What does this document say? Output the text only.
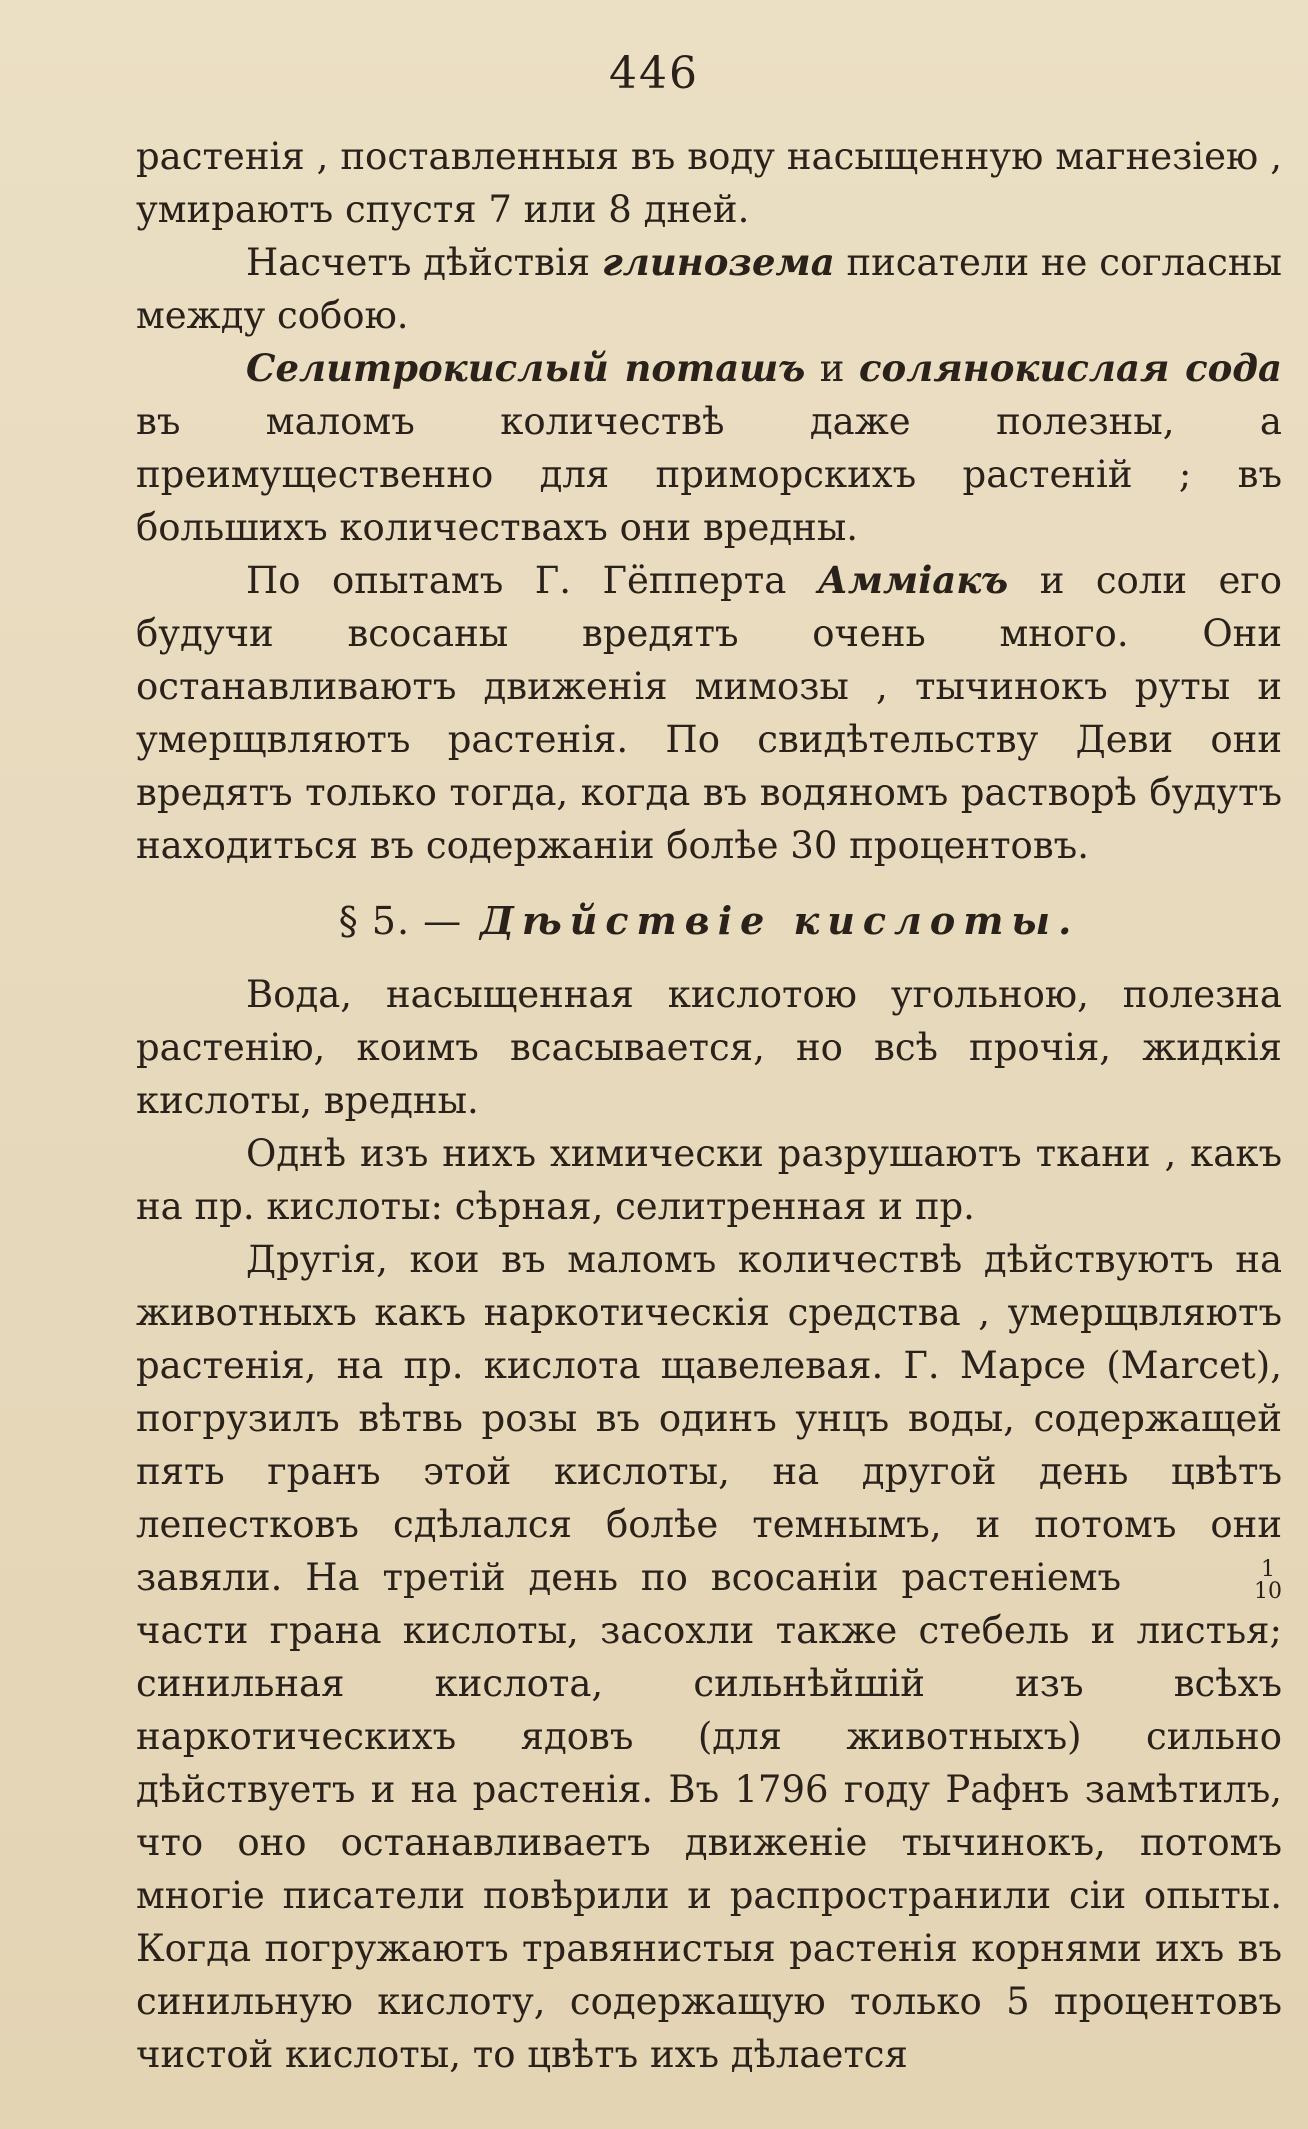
446

растенія , поставленныя въ воду насыщенную магнезіею , умираютъ спустя 7 или 8 дней.

Насчетъ дѣйствія глинозема писатели не согласны между собою.

Селитрокислый поташъ и солянокислая сода въ маломъ количествѣ даже полезны, а преимущественно для приморскихъ растеній ; въ большихъ количествахъ они вредны.

По опытамъ Г. Гёпперта Аммiакъ и соли его будучи всосаны вредятъ очень много. Они останавливаютъ движенія мимозы , тычинокъ руты и умерщвляютъ растенія. По свидѣтельству Деви они вредятъ только тогда, когда въ водяномъ растворѣ будутъ находиться въ содержаніи болѣе 30 процентовъ.

§ 5. — Дѣйствiе кислоты.

Вода, насыщенная кислотою угольною, полезна растенію, коимъ всасывается, но всѣ прочія, жидкія кислоты, вредны.

Однѣ изъ нихъ химически разрушаютъ ткани , какъ на пр. кислоты: сѣрная, селитренная и пр.

Другія, кои въ маломъ количествѣ дѣйствуютъ на животныхъ какъ наркотическія средства , умерщвляютъ растенія, на пр. кислота щавелевая. Г. Марсе (Marcet), погрузилъ вѣтвь розы въ одинъ унцъ воды, содержащей пять гранъ этой кислоты, на другой день цвѣтъ лепестковъ сдѣлался болѣе темнымъ, и потомъ они завяли. На третій день по всосаніи растеніемъ	1
10
части грана кислоты, засохли также стебель и листья; синильная кислота, сильнѣйшій изъ всѣхъ наркотическихъ ядовъ (для животныхъ) сильно дѣйствуетъ и на растенія. Въ 1796 году Рафнъ замѣтилъ, что оно останавливаетъ движеніе тычинокъ, потомъ многіе писатели повѣрили и распространили сіи опыты. Когда погружаютъ травянистыя растенія корнями ихъ въ синильную кислоту, содержащую только 5 процентовъ чистой кислоты, то цвѣтъ ихъ дѣлается
